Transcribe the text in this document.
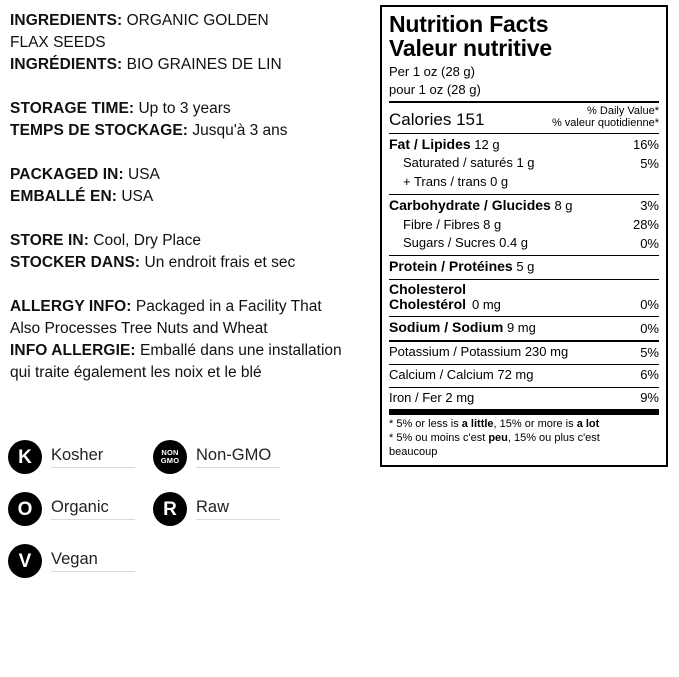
INGREDIENTS: ORGANIC GOLDEN
FLAX SEEDS
INGRÉDIENTS: BIO GRAINES DE LIN
STORAGE TIME: Up to 3 years
TEMPS DE STOCKAGE: Jusqu'à 3 ans
PACKAGED IN: USA
EMBALLÉ EN: USA
STORE IN: Cool, Dry Place
STOCKER DANS: Un endroit frais et sec
ALLERGY INFO: Packaged in a Facility That
Also Processes Tree Nuts and Wheat
INFO ALLERGIE: Emballé dans une installation
qui traite également les noix et le blé
K	Kosher	NON
GMO	Non-GMO
O	Organic	R	Raw
V	Vegan
Nutrition Facts
Valeur nutritive
Per 1 oz (28 g)
pour 1 oz (28 g)
Calories 151	% Daily Value*
% valeur quotidienne*
Fat / Lipides 12 g	16%
Saturated / saturés 1 g	5%
+ Trans / trans 0 g
Carbohydrate / Glucides 8 g	3%
Fibre / Fibres 8 g	28%
Sugars / Sucres 0.4 g	0%
Protein / Protéines 5 g
Cholesterol
Cholestérol 0 mg	0%
Sodium / Sodium 9 mg	0%
Potassium / Potassium 230 mg	5%
Calcium / Calcium 72 mg	6%
Iron / Fer 2 mg	9%
* 5% or less is a little, 15% or more is a lot
* 5% ou moins c'est peu, 15% ou plus c'est
beaucoup
